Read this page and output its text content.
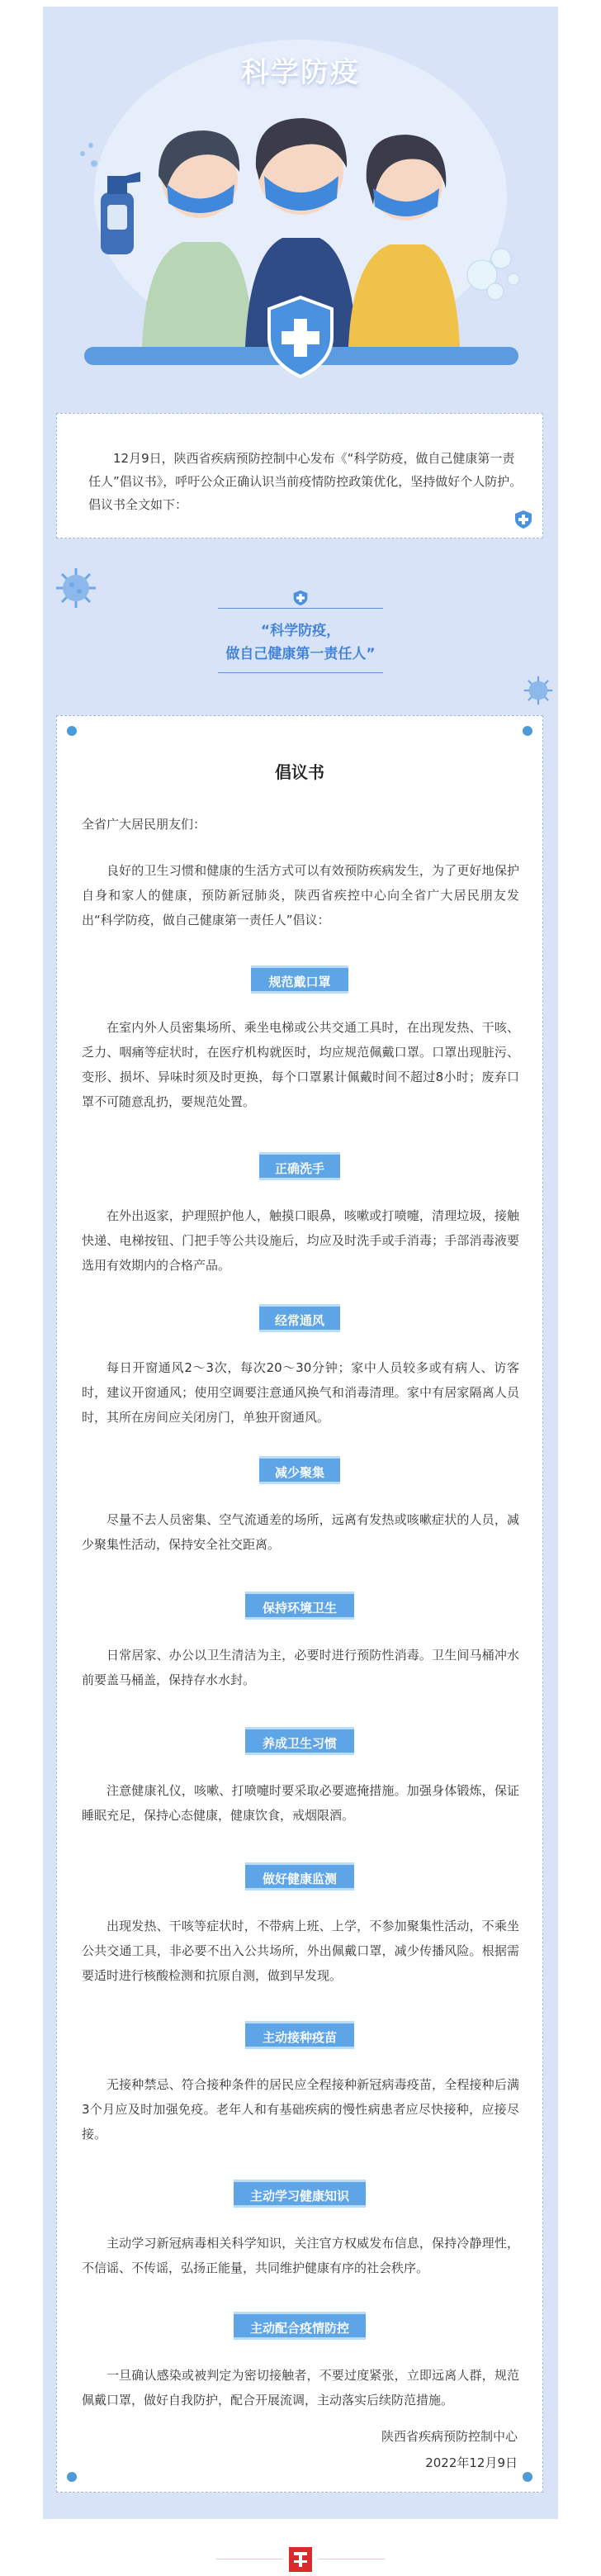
科学防疫
12月9日，陕西省疾病预防控制中心发布《“科学防疫，做自己健康第一责任人”倡议书》，呼吁公众正确认识当前疫情防控政策优化，坚持做好个人防护。倡议书全文如下：
“科学防疫，
做自己健康第一责任人”
倡议书
全省广大居民朋友们：
良好的卫生习惯和健康的生活方式可以有效预防疾病发生，为了更好地保护自身和家人的健康，预防新冠肺炎，陕西省疾控中心向全省广大居民朋友发出“科学防疫，做自己健康第一责任人”倡议：
规范戴口罩
在室内外人员密集场所、乘坐电梯或公共交通工具时，在出现发热、干咳、乏力、咽痛等症状时，在医疗机构就医时，均应规范佩戴口罩。口罩出现脏污、变形、损坏、异味时须及时更换，每个口罩累计佩戴时间不超过8小时；废弃口罩不可随意乱扔，要规范处置。
正确洗手
在外出返家，护理照护他人，触摸口眼鼻，咳嗽或打喷嚏，清理垃圾，接触快递、电梯按钮、门把手等公共设施后，均应及时洗手或手消毒；手部消毒液要选用有效期内的合格产品。
经常通风
每日开窗通风2～3次，每次20～30分钟；家中人员较多或有病人、访客时，建议开窗通风；使用空调要注意通风换气和消毒清理。家中有居家隔离人员时，其所在房间应关闭房门，单独开窗通风。
减少聚集
尽量不去人员密集、空气流通差的场所，远离有发热或咳嗽症状的人员，减少聚集性活动，保持安全社交距离。
保持环境卫生
日常居家、办公以卫生清洁为主，必要时进行预防性消毒。卫生间马桶冲水前要盖马桶盖，保持存水水封。
养成卫生习惯
注意健康礼仪，咳嗽、打喷嚏时要采取必要遮掩措施。加强身体锻炼，保证睡眠充足，保持心态健康，健康饮食，戒烟限酒。
做好健康监测
出现发热、干咳等症状时，不带病上班、上学，不参加聚集性活动，不乘坐公共交通工具，非必要不出入公共场所，外出佩戴口罩，减少传播风险。根据需要适时进行核酸检测和抗原自测，做到早发现。
主动接种疫苗
无接种禁忌、符合接种条件的居民应全程接种新冠病毒疫苗，全程接种后满3个月应及时加强免疫。老年人和有基础疾病的慢性病患者应尽快接种，应接尽接。
主动学习健康知识
主动学习新冠病毒相关科学知识，关注官方权威发布信息，保持冷静理性，不信谣、不传谣，弘扬正能量，共同维护健康有序的社会秩序。
主动配合疫情防控
一旦确认感染或被判定为密切接触者，不要过度紧张，立即远离人群，规范佩戴口罩，做好自我防护，配合开展流调，主动落实后续防范措施。
陕西省疾病预防控制中心
2022年12月9日
